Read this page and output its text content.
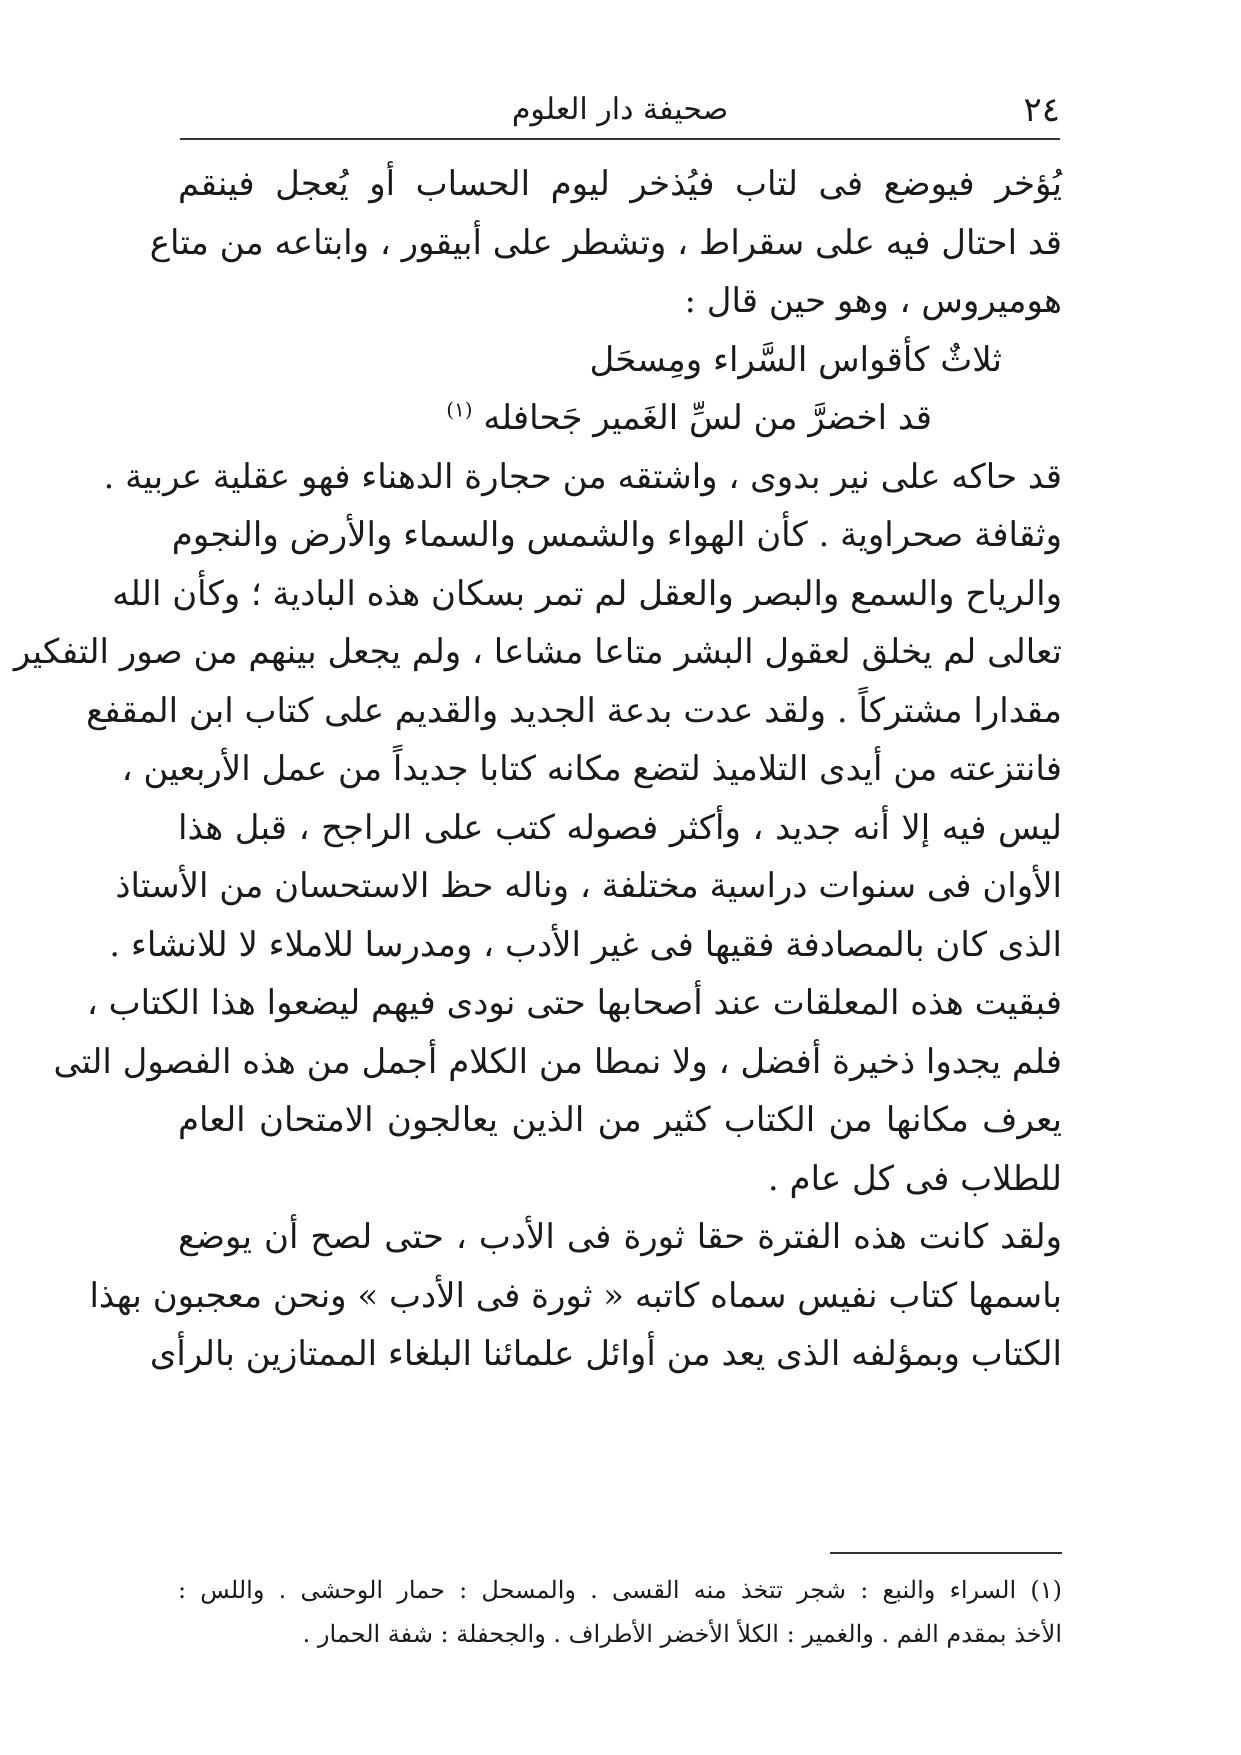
٢٤
صحيفة دار العلوم
يُؤخر فيوضع فى لتاب فيُذخر ليوم الحساب أو يُعجل فينقم
قد احتال فيه على سقراط ، وتشطر على أبيقور ، وابتاعه من متاع
هوميروس ، وهو حين قال :
ثلاثٌ كأقواس السَّراء ومِسحَل
قد اخضرَّ من لسِّ الغَمير جَحافله $^{(١)}$
قد حاكه على نير بدوى ، واشتقه من حجارة الدهناء فهو عقلية عربية .
وثقافة صحراوية . كأن الهواء والشمس والسماء والأرض والنجوم
والرياح والسمع والبصر والعقل لم تمر بسكان هذه البادية ؛ وكأن الله
تعالى لم يخلق لعقول البشر متاعا مشاعا ، ولم يجعل بينهم من صور التفكير
مقدارا مشتركاً . ولقد عدت بدعة الجديد والقديم على كتاب ابن المقفع
فانتزعته من أيدى التلاميذ لتضع مكانه كتابا جديداً من عمل الأربعين ،
ليس فيه إلا أنه جديد ، وأكثر فصوله كتب على الراجح ، قبل هذا
الأوان فى سنوات دراسية مختلفة ، وناله حظ الاستحسان من الأستاذ
الذى كان بالمصادفة فقيها فى غير الأدب ، ومدرسا للاملاء لا للانشاء .
فبقيت هذه المعلقات عند أصحابها حتى نودى فيهم ليضعوا هذا الكتاب ،
فلم يجدوا ذخيرة أفضل ، ولا نمطا من الكلام أجمل من هذه الفصول التى
يعرف مكانها من الكتاب كثير من الذين يعالجون الامتحان العام
للطلاب فى كل عام .
ولقد كانت هذه الفترة حقا ثورة فى الأدب ، حتى لصح أن يوضع
باسمها كتاب نفيس سماه كاتبه « ثورة فى الأدب » ونحن معجبون بهذا
الكتاب وبمؤلفه الذى يعد من أوائل علمائنا البلغاء الممتازين بالرأى
(١) السراء والنبع : شجر تتخذ منه القسى . والمسحل : حمار الوحشى . واللس :
الأخذ بمقدم الفم . والغمير : الكلأ الأخضر الأطراف . والجحفلة : شفة الحمار .
